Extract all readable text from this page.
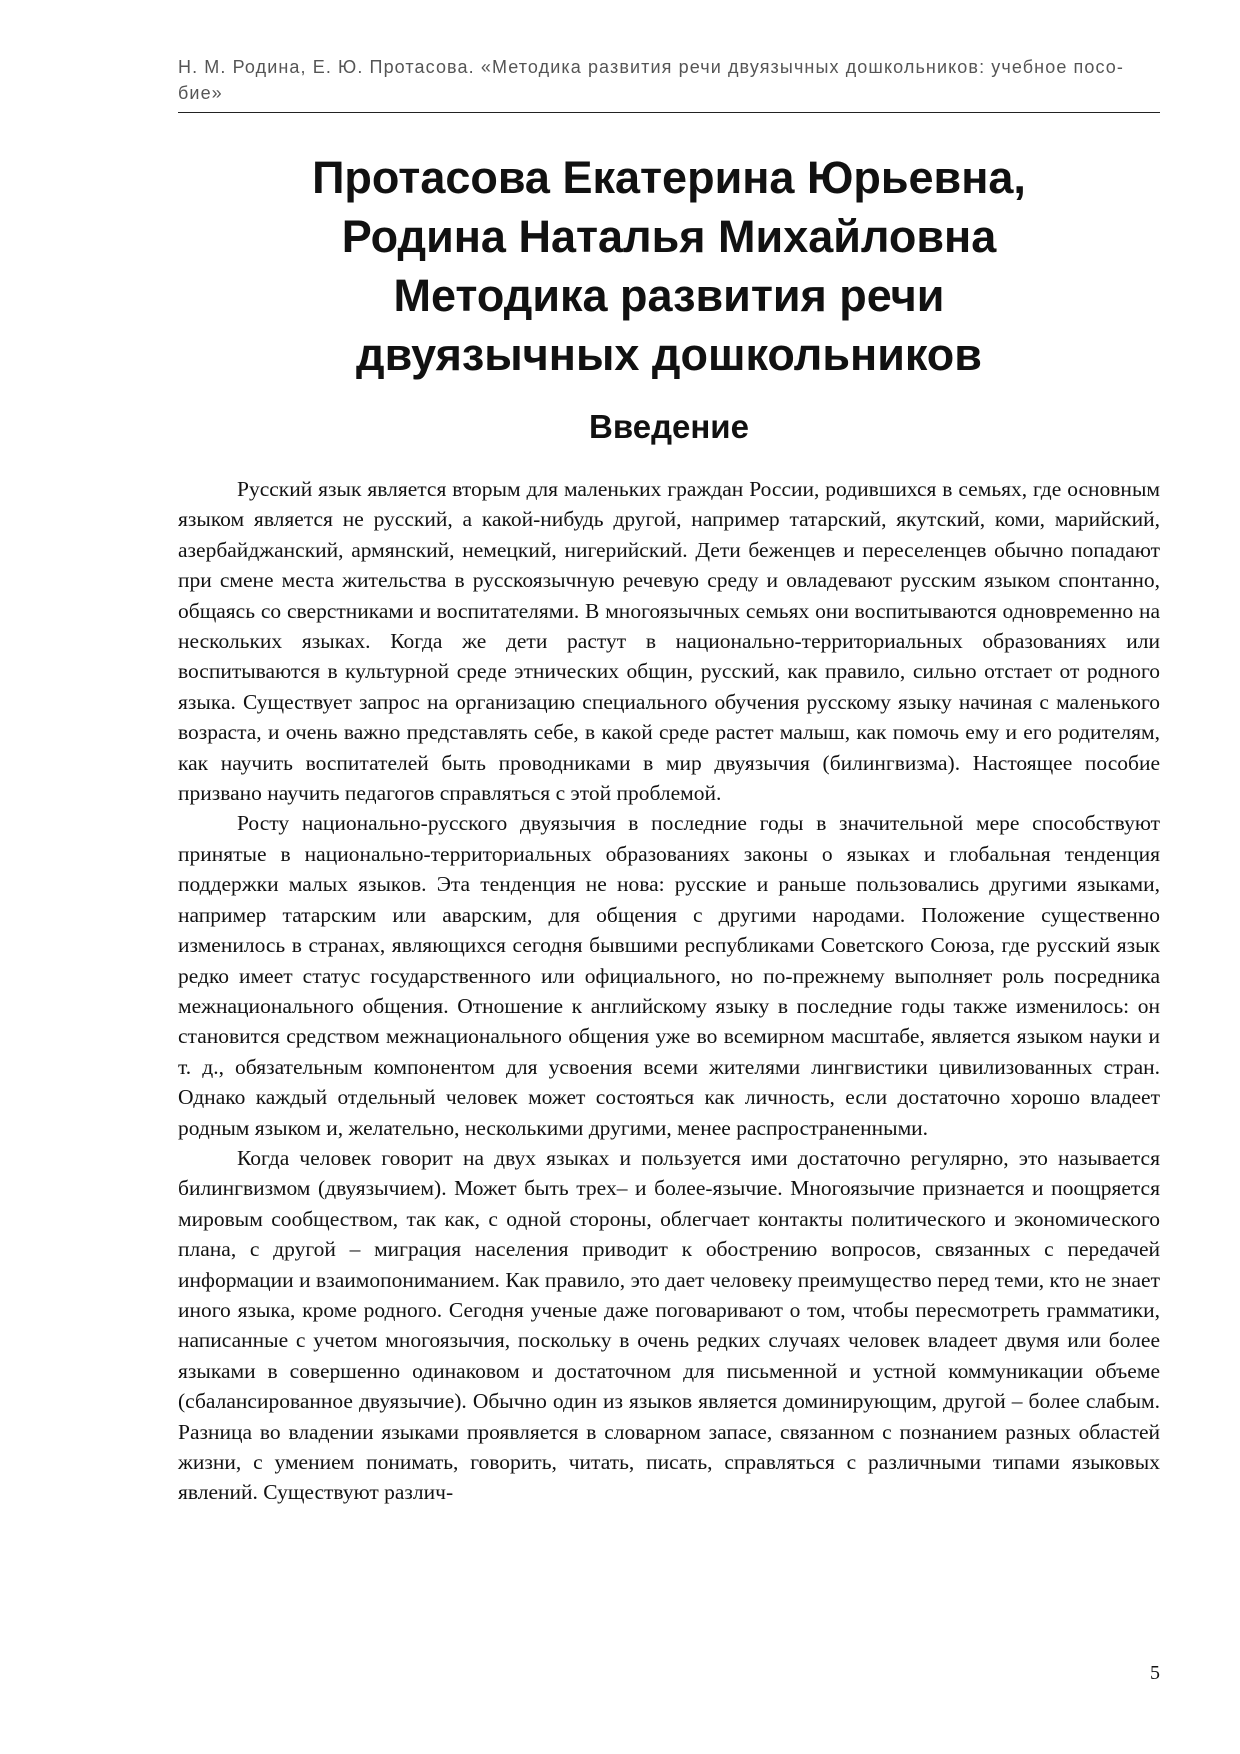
Н. М. Родина, Е. Ю. Протасова. «Методика развития речи двуязычных дошкольников: учебное посо-бие»
Протасова Екатерина Юрьевна,
Родина Наталья Михайловна
Методика развития речи
двуязычных дошкольников
Введение

Русский язык является вторым для маленьких граждан России, родившихся в семьях, где основным языком является не русский, а какой-нибудь другой, например татарский, якутский, коми, марийский, азербайджанский, армянский, немецкий, нигерийский. Дети беженцев и переселенцев обычно попадают при смене места жительства в русскоязычную речевую среду и овладевают русским языком спонтанно, общаясь со сверстниками и воспитателями. В многоязычных семьях они воспитываются одновременно на нескольких языках. Когда же дети растут в национально-территориальных образованиях или воспитываются в культурной среде этнических общин, русский, как правило, сильно отстает от родного языка. Существует запрос на организацию специального обучения русскому языку начиная с маленького возраста, и очень важно представлять себе, в какой среде растет малыш, как помочь ему и его родителям, как научить воспитателей быть проводниками в мир двуязычия (билингвизма). Настоящее пособие призвано научить педагогов справляться с этой проблемой.

Росту национально-русского двуязычия в последние годы в значительной мере способствуют принятые в национально-территориальных образованиях законы о языках и глобальная тенденция поддержки малых языков. Эта тенденция не нова: русские и раньше пользовались другими языками, например татарским или аварским, для общения с другими народами. Положение существенно изменилось в странах, являющихся сегодня бывшими республиками Советского Союза, где русский язык редко имеет статус государственного или официального, но по-прежнему выполняет роль посредника межнационального общения. Отношение к английскому языку в последние годы также изменилось: он становится средством межнационального общения уже во всемирном масштабе, является языком науки и т. д., обязательным компонентом для усвоения всеми жителями лингвистики цивилизованных стран. Однако каждый отдельный человек может состояться как личность, если достаточно хорошо владеет родным языком и, желательно, несколькими другими, менее распространенными.

Когда человек говорит на двух языках и пользуется ими достаточно регулярно, это называется билингвизмом (двуязычием). Может быть трех– и более-язычие. Многоязычие признается и поощряется мировым сообществом, так как, с одной стороны, облегчает контакты политического и экономического плана, с другой – миграция населения приводит к обострению вопросов, связанных с передачей информации и взаимопониманием. Как правило, это дает человеку преимущество перед теми, кто не знает иного языка, кроме родного. Сегодня ученые даже поговаривают о том, чтобы пересмотреть грамматики, написанные с учетом многоязычия, поскольку в очень редких случаях человек владеет двумя или более языками в совершенно одинаковом и достаточном для письменной и устной коммуникации объеме (сбалансированное двуязычие). Обычно один из языков является доминирующим, другой – более слабым. Разница во владении языками проявляется в словарном запасе, связанном с познанием разных областей жизни, с умением понимать, говорить, читать, писать, справляться с различными типами языковых явлений. Существуют различ-

5
